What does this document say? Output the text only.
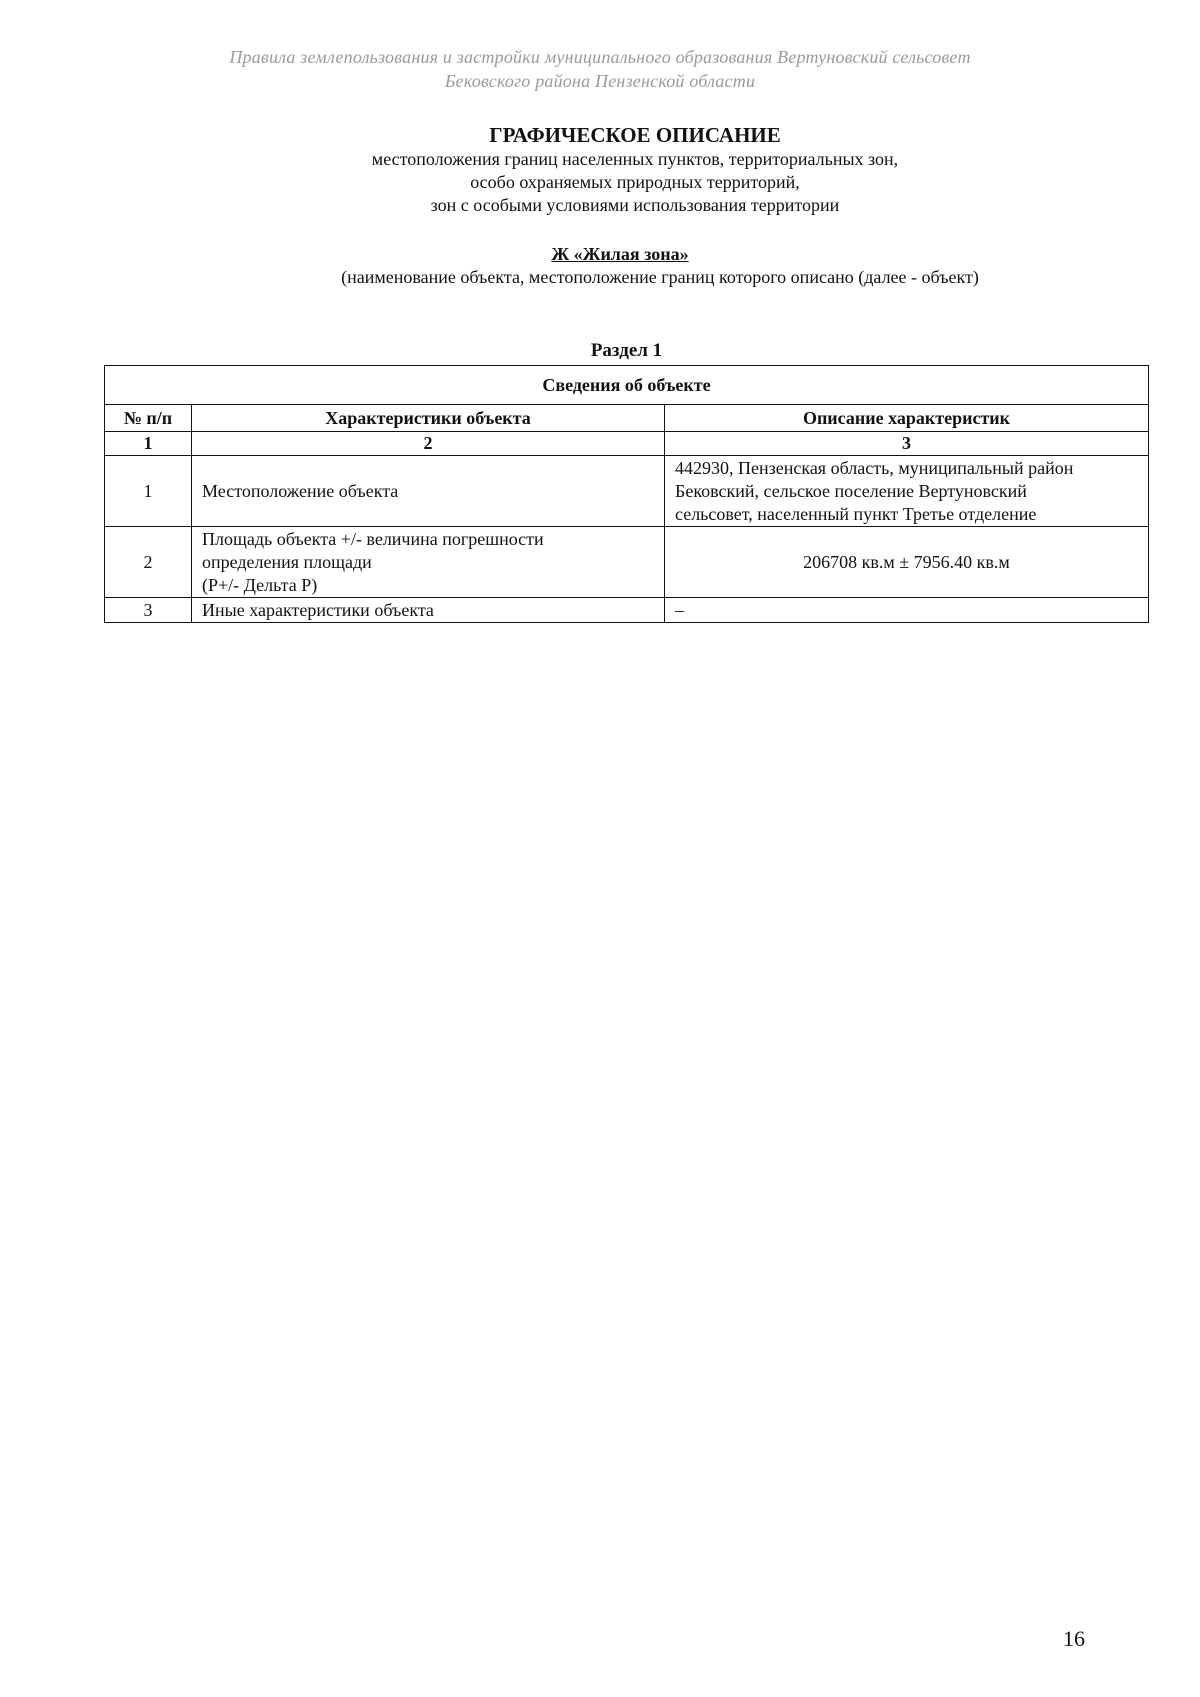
Правила землепользования и застройки муниципального образования Вертуновский сельсовет
Бековского района Пензенской области
ГРАФИЧЕСКОЕ ОПИСАНИЕ
местоположения границ населенных пунктов, территориальных зон,
особо охраняемых природных территорий,
зон с особыми условиями использования территории
Ж «Жилая зона»
(наименование объекта, местоположение границ которого описано (далее - объект)
Раздел 1
Сведения об объекте		
№ п/п	Характеристики объекта	Описание характеристик
1	2	3
1	Местоположение объекта	442930, Пензенская область, муниципальный район
Бековский, сельское поселение Вертуновский
сельсовет, населенный пункт Третье отделение

2	Площадь объекта +/- величина погрешности
определения площади
(P+/- Дельта P)	206708 кв.м ± 7956.40 кв.м

3	Иные характеристики объекта	–
16
